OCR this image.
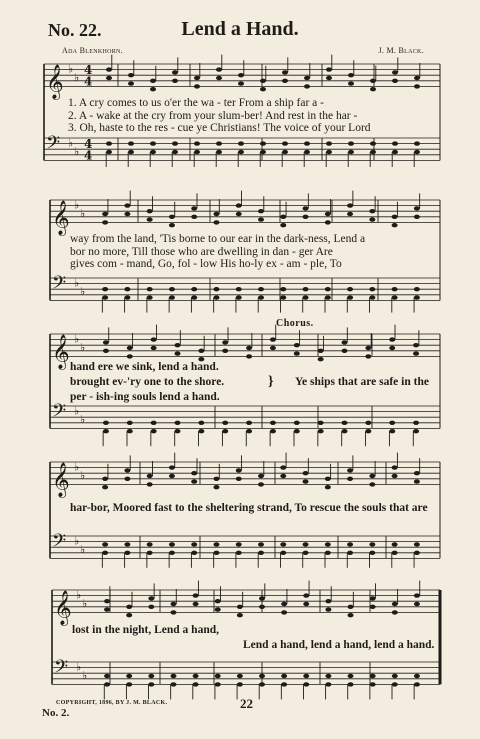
𝄞 ♭
♭
4
4
𝄢 ♭
♭
4
4
𝄞 ♭
♭
𝄢 ♭
♭
𝄞 ♭
♭
𝄢 ♭
♭
𝄞 ♭
♭
𝄢 ♭
♭
𝄞 ♭
♭
𝄢 ♭
♭
No. 22.	Lend a Hand.
Ada Blenkhorn.	J. M. Black.
1. A cry comes to us o'er the wa - ter From a ship far a -
2. A - wake at the cry from your slum-ber! And rest in the har -
3. Oh, haste to the res - cue ye Christians! The voice of your Lord
way from the land, 'Tis borne to our ear in the dark-ness, Lend a
bor no more, Till those who are dwelling in dan - ger Are
gives com - mand, Go, fol - low His ho-ly ex - am - ple, To
Chorus.
hand ere we sink, lend a hand.
brought ev-'ry one to the shore.
per - ish-ing souls lend a hand.
} Ye ships that are safe in the
har-bor, Moored fast to the sheltering strand, To rescue the souls that are
lost in the night, Lend a hand,
Lend a hand, lend a hand, lend a hand.
COPYRIGHT, 1896, BY J. M. BLACK.	22
No. 2.
